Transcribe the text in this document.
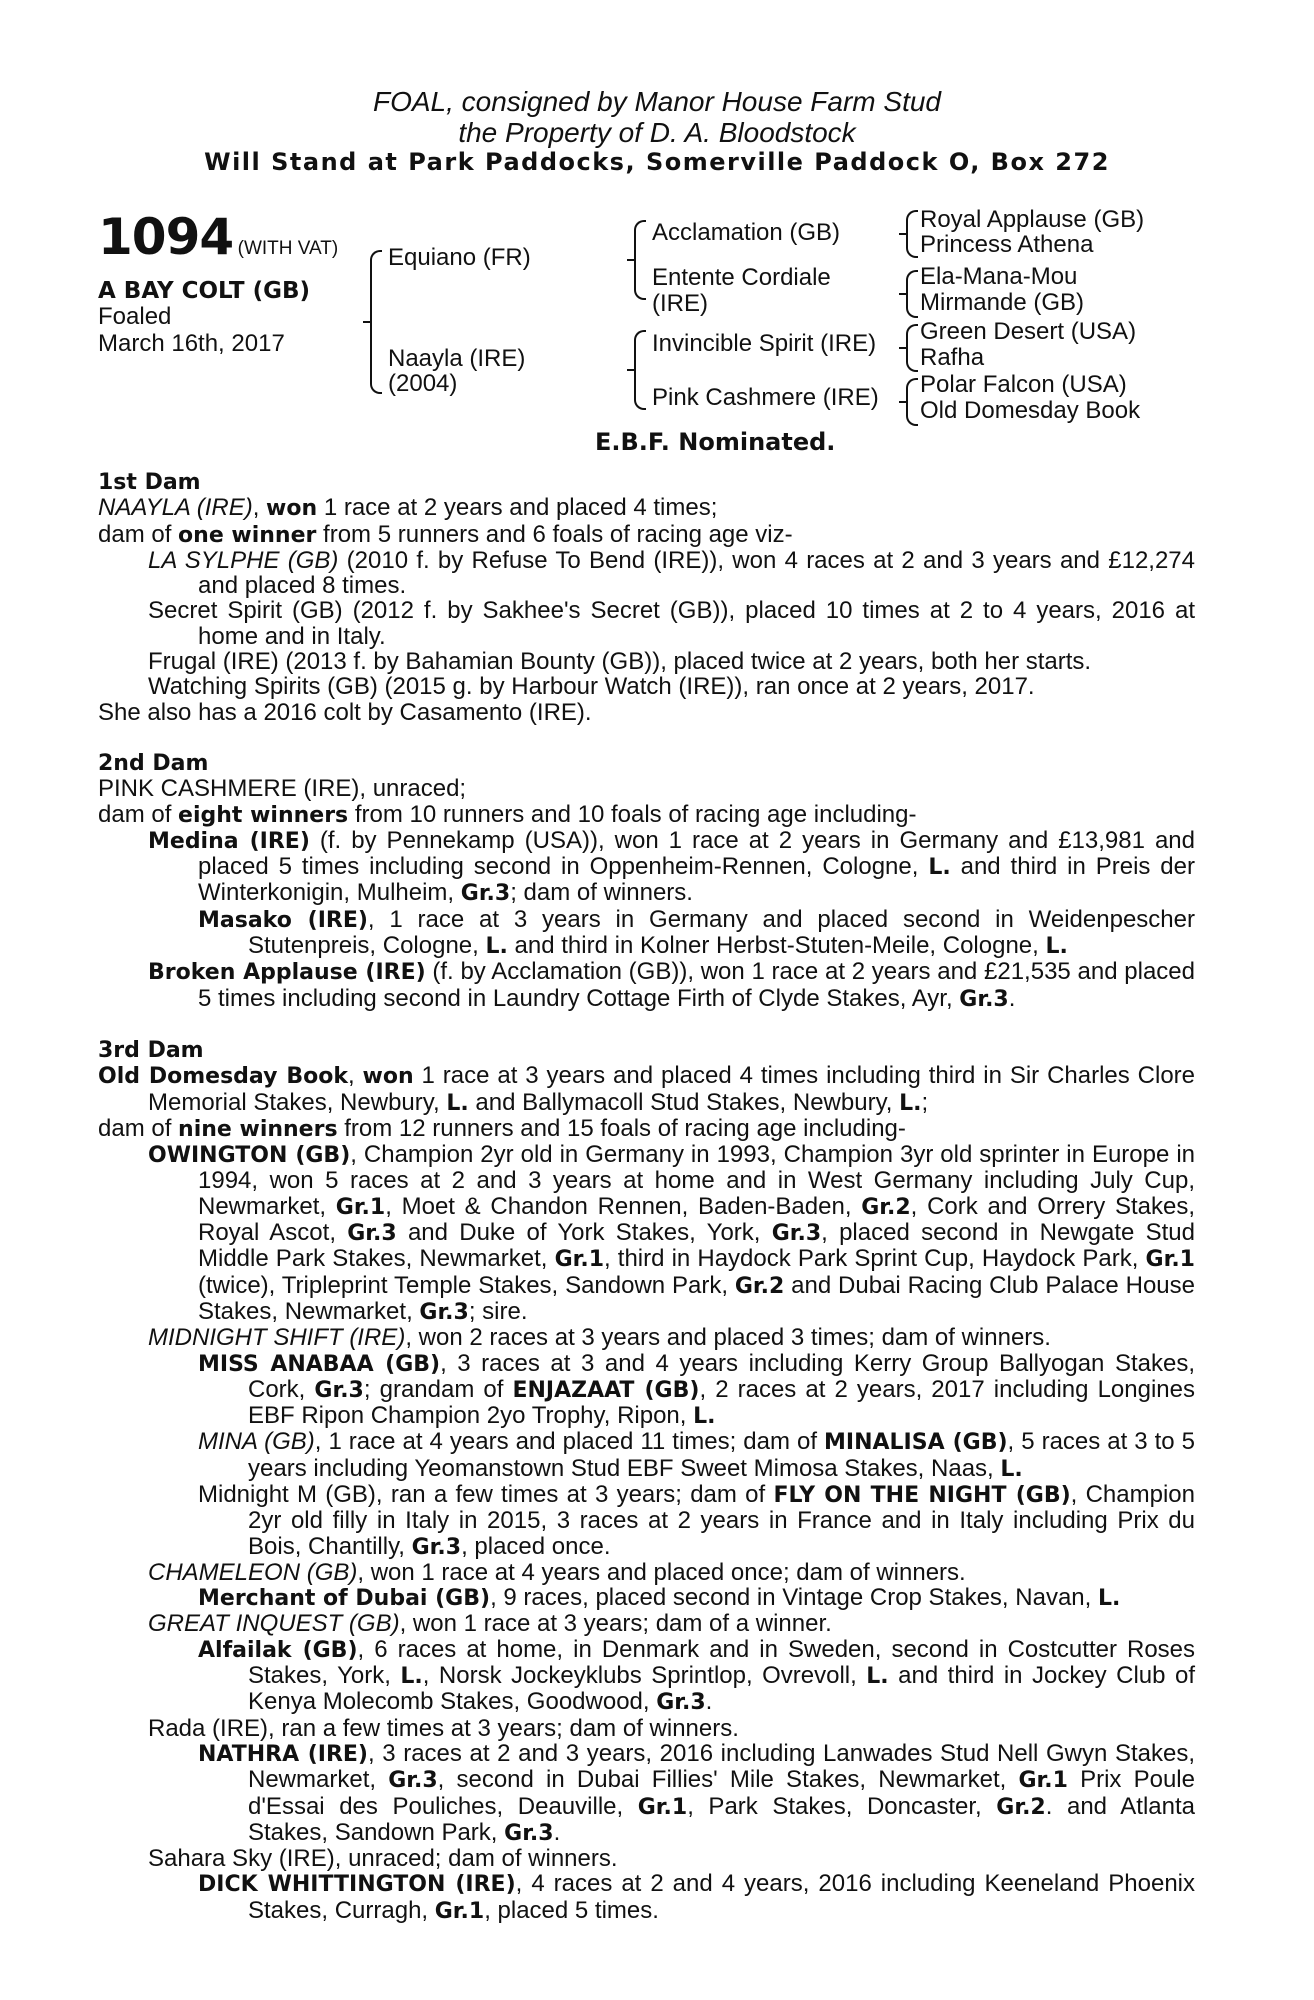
FOAL, consigned by Manor House Farm Stud
the Property of D. A. Bloodstock
Will Stand at Park Paddocks, Somerville Paddock O, Box 272
1094 (WITH VAT)
A BAY COLT (GB)
Foaled
March 16th, 2017
Equiano (FR)
Naayla (IRE)
(2004)
Acclamation (GB)
Entente Cordiale
(IRE)
Invincible Spirit (IRE)
Pink Cashmere (IRE)
Royal Applause (GB)
Princess Athena
Ela-Mana-Mou
Mirmande (GB)
Green Desert (USA)
Rafha
Polar Falcon (USA)
Old Domesday Book
E.B.F. Nominated.
1st Dam
NAAYLA (IRE), won 1 race at 2 years and placed 4 times;
dam of one winner from 5 runners and 6 foals of racing age viz-
LA SYLPHE (GB) (2010 f. by Refuse To Bend (IRE)), won 4 races at 2 and 3 years and £12,274 and placed 8 times.
Secret Spirit (GB) (2012 f. by Sakhee's Secret (GB)), placed 10 times at 2 to 4 years, 2016 at home and in Italy.
Frugal (IRE) (2013 f. by Bahamian Bounty (GB)), placed twice at 2 years, both her starts.
Watching Spirits (GB) (2015 g. by Harbour Watch (IRE)), ran once at 2 years, 2017.
She also has a 2016 colt by Casamento (IRE).
2nd Dam
PINK CASHMERE (IRE), unraced;
dam of eight winners from 10 runners and 10 foals of racing age including-
Medina (IRE) (f. by Pennekamp (USA)), won 1 race at 2 years in Germany and £13,981 and placed 5 times including second in Oppenheim-Rennen, Cologne, L. and third in Preis der Winterkonigin, Mulheim, Gr.3; dam of winners.
Masako (IRE), 1 race at 3 years in Germany and placed second in Weidenpescher Stutenpreis, Cologne, L. and third in Kolner Herbst-Stuten-Meile, Cologne, L.
Broken Applause (IRE) (f. by Acclamation (GB)), won 1 race at 2 years and £21,535 and placed 5 times including second in Laundry Cottage Firth of Clyde Stakes, Ayr, Gr.3.
3rd Dam
Old Domesday Book, won 1 race at 3 years and placed 4 times including third in Sir Charles Clore Memorial Stakes, Newbury, L. and Ballymacoll Stud Stakes, Newbury, L.;
dam of nine winners from 12 runners and 15 foals of racing age including-
OWINGTON (GB), Champion 2yr old in Germany in 1993, Champion 3yr old sprinter in Europe in 1994, won 5 races at 2 and 3 years at home and in West Germany including July Cup, Newmarket, Gr.1, Moet & Chandon Rennen, Baden-Baden, Gr.2, Cork and Orrery Stakes, Royal Ascot, Gr.3 and Duke of York Stakes, York, Gr.3, placed second in Newgate Stud Middle Park Stakes, Newmarket, Gr.1, third in Haydock Park Sprint Cup, Haydock Park, Gr.1 (twice), Tripleprint Temple Stakes, Sandown Park, Gr.2 and Dubai Racing Club Palace House Stakes, Newmarket, Gr.3; sire.
MIDNIGHT SHIFT (IRE), won 2 races at 3 years and placed 3 times; dam of winners.
MISS ANABAA (GB), 3 races at 3 and 4 years including Kerry Group Ballyogan Stakes, Cork, Gr.3; grandam of ENJAZAAT (GB), 2 races at 2 years, 2017 including Longines EBF Ripon Champion 2yo Trophy, Ripon, L.
MINA (GB), 1 race at 4 years and placed 11 times; dam of MINALISA (GB), 5 races at 3 to 5 years including Yeomanstown Stud EBF Sweet Mimosa Stakes, Naas, L.
Midnight M (GB), ran a few times at 3 years; dam of FLY ON THE NIGHT (GB), Champion 2yr old filly in Italy in 2015, 3 races at 2 years in France and in Italy including Prix du Bois, Chantilly, Gr.3, placed once.
CHAMELEON (GB), won 1 race at 4 years and placed once; dam of winners.
Merchant of Dubai (GB), 9 races, placed second in Vintage Crop Stakes, Navan, L.
GREAT INQUEST (GB), won 1 race at 3 years; dam of a winner.
Alfailak (GB), 6 races at home, in Denmark and in Sweden, second in Costcutter Roses Stakes, York, L., Norsk Jockeyklubs Sprintlop, Ovrevoll, L. and third in Jockey Club of Kenya Molecomb Stakes, Goodwood, Gr.3.
Rada (IRE), ran a few times at 3 years; dam of winners.
NATHRA (IRE), 3 races at 2 and 3 years, 2016 including Lanwades Stud Nell Gwyn Stakes, Newmarket, Gr.3, second in Dubai Fillies' Mile Stakes, Newmarket, Gr.1 Prix Poule d'Essai des Pouliches, Deauville, Gr.1, Park Stakes, Doncaster, Gr.2. and Atlanta Stakes, Sandown Park, Gr.3.
Sahara Sky (IRE), unraced; dam of winners.
DICK WHITTINGTON (IRE), 4 races at 2 and 4 years, 2016 including Keeneland Phoenix Stakes, Curragh, Gr.1, placed 5 times.
